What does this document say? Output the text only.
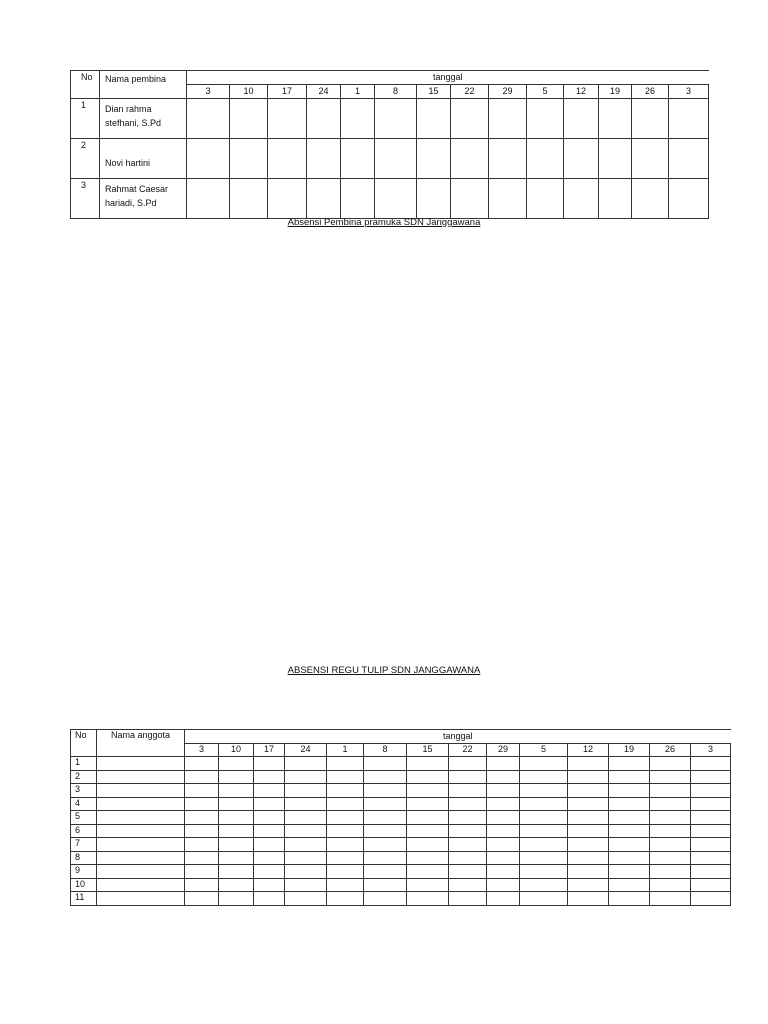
No	Nama pembina	tanggal													
		3	10	17	24	1	8	15	22	29	5	12	19	26	3
1	Dian rahma
stefhani, S.Pd														

2	Novi hartini														

3	Rahmat Caesar
hariadi, S.Pd														

Absensi Pembina pramuka SDN Janggawana
ABSENSI REGU TULIP SDN JANGGAWANA
No	Nama anggota	tanggal													
		3	10	17	24	1	8	15	22	29	5	12	19	26	3
1															
2															
3															
4															
5															
6															
7															
8															
9															
10															
11															
